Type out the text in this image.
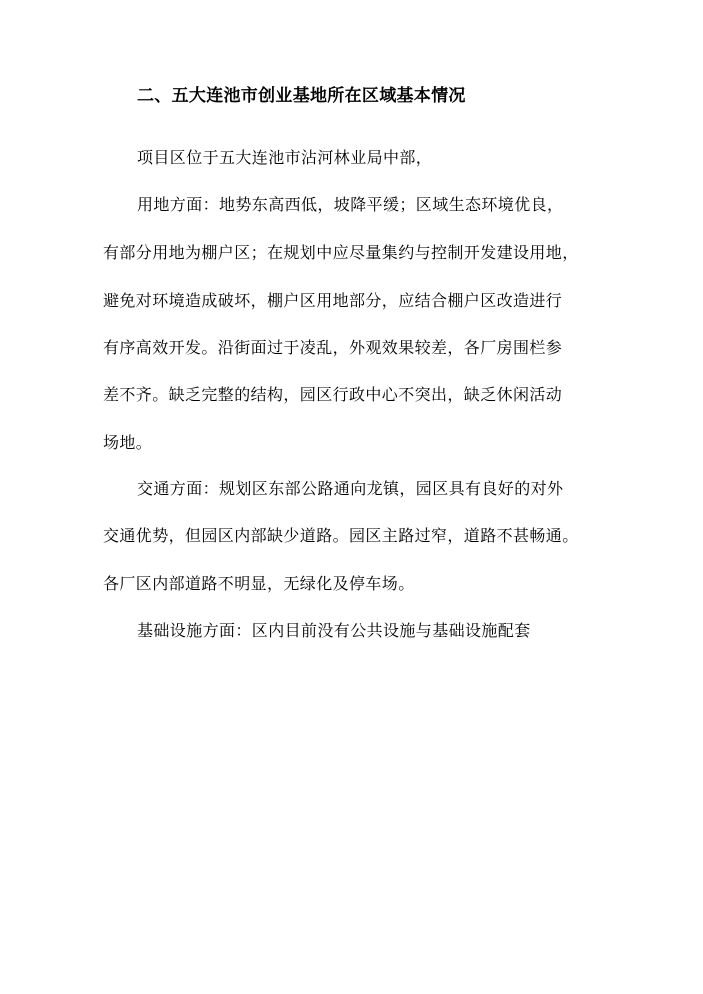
二、五大连池市创业基地所在区域基本情况
项目区位于五大连池市沾河林业局中部，
用地方面：地势东高西低，坡降平缓；区域生态环境优良，
有部分用地为棚户区；在规划中应尽量集约与控制开发建设用地，
避免对环境造成破坏，棚户区用地部分，应结合棚户区改造进行
有序高效开发。沿街面过于凌乱，外观效果较差，各厂房围栏参
差不齐。缺乏完整的结构，园区行政中心不突出，缺乏休闲活动
场地。
交通方面：规划区东部公路通向龙镇，园区具有良好的对外
交通优势，但园区内部缺少道路。园区主路过窄，道路不甚畅通。
各厂区内部道路不明显，无绿化及停车场。
基础设施方面：区内目前没有公共设施与基础设施配套
